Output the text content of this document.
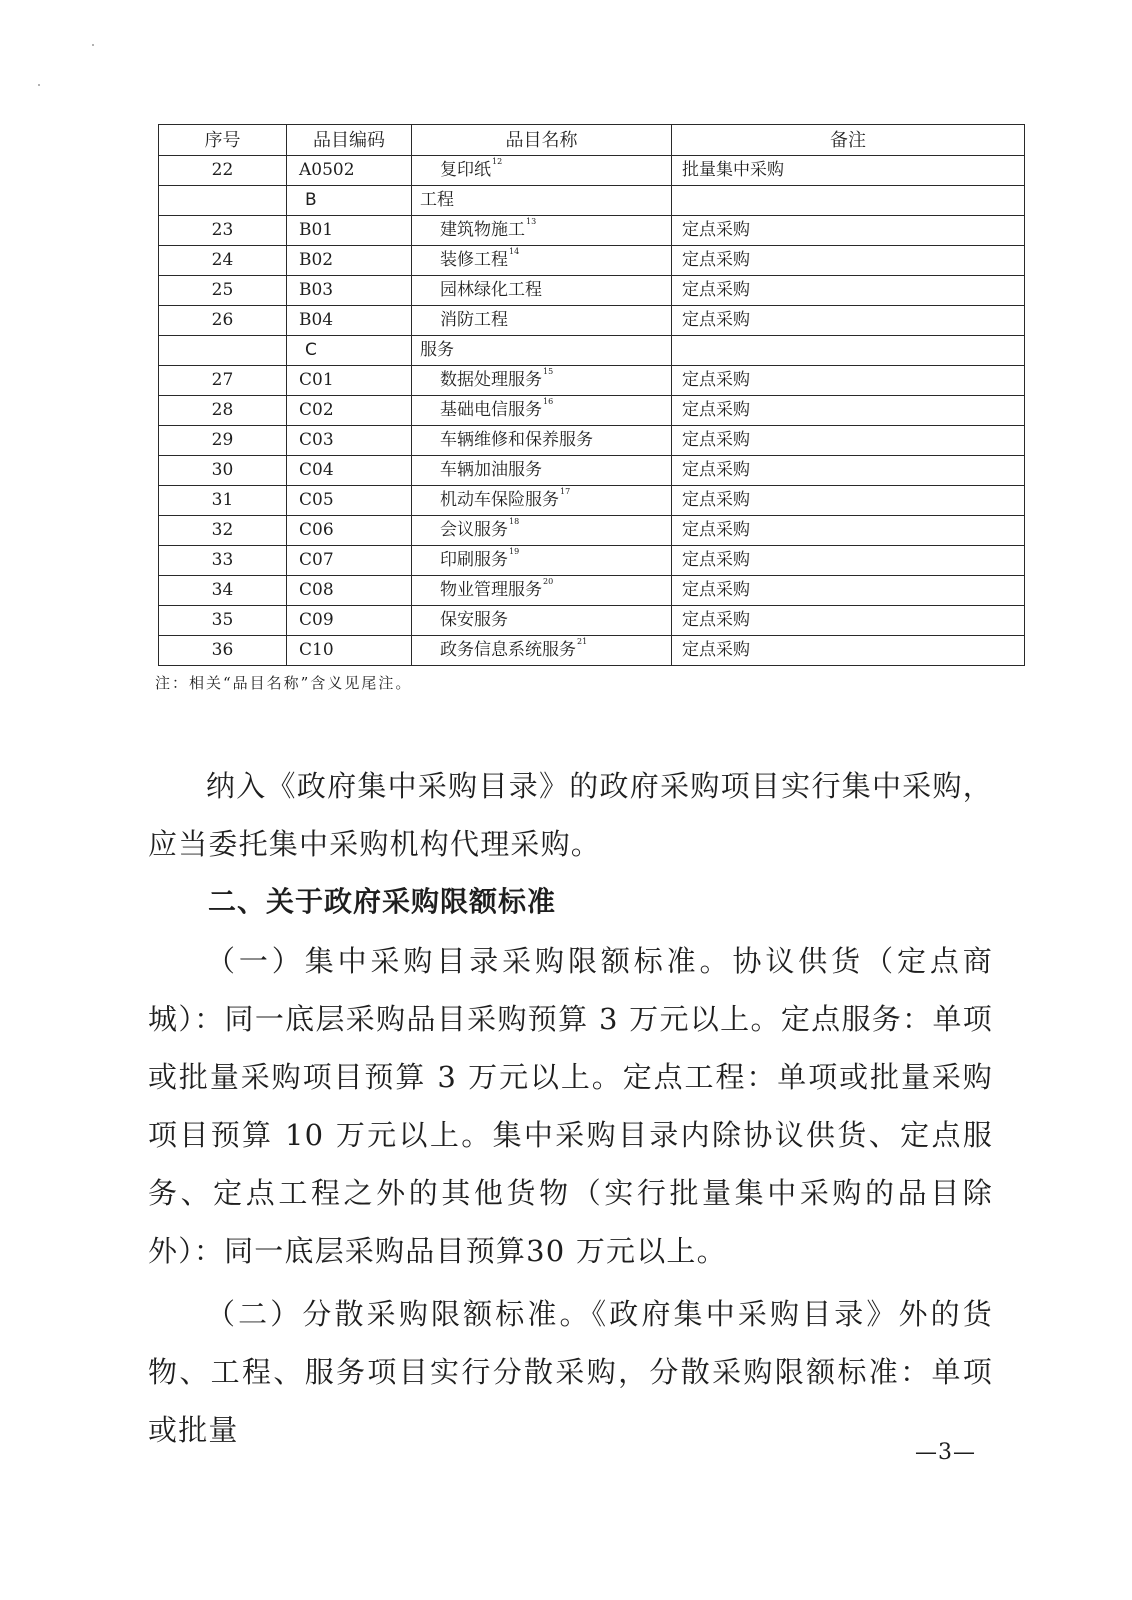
序号	品目编码	品目名称	备注
22	A0502	复印纸$^{12}$	批量集中采购
	B	工程	
23	B01	建筑物施工$^{13}$	定点采购
24	B02	装修工程$^{14}$	定点采购
25	B03	园林绿化工程	定点采购
26	B04	消防工程	定点采购
	C	服务	
27	C01	数据处理服务$^{15}$	定点采购
28	C02	基础电信服务$^{16}$	定点采购
29	C03	车辆维修和保养服务	定点采购
30	C04	车辆加油服务	定点采购
31	C05	机动车保险服务$^{17}$	定点采购
32	C06	会议服务$^{18}$	定点采购
33	C07	印刷服务$^{19}$	定点采购
34	C08	物业管理服务$^{20}$	定点采购
35	C09	保安服务	定点采购
36	C10	政务信息系统服务$^{21}$	定点采购
注：相关“品目名称”含义见尾注。
纳入《政府集中采购目录》的政府采购项目实行集中采购，应当委托集中采购机构代理采购。
二、关于政府采购限额标准
（一）集中采购目录采购限额标准。协议供货（定点商城）：同一底层采购品目采购预算 3 万元以上。定点服务：单项或批量采购项目预算 3 万元以上。定点工程：单项或批量采购项目预算 10 万元以上。集中采购目录内除协议供货、定点服务、定点工程之外的其他货物（实行批量集中采购的品目除外）：同一底层采购品目预算30 万元以上。
（二）分散采购限额标准。《政府集中采购目录》外的货物、工程、服务项目实行分散采购，分散采购限额标准：单项或批量
—3—
